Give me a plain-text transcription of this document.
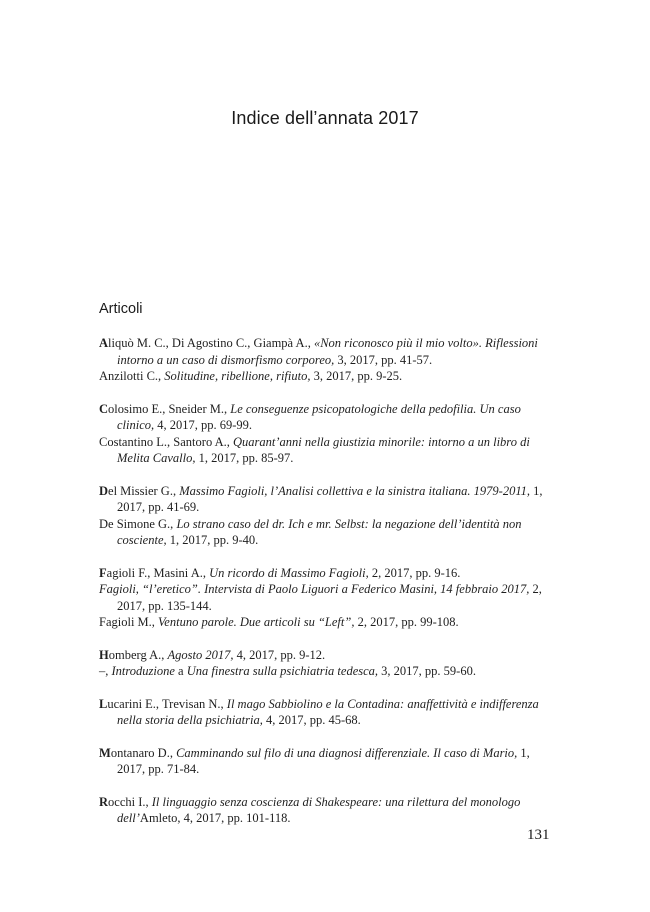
Indice dell’annata 2017
Articoli
Aliquò M. C., Di Agostino C., Giampà A., «Non riconosco più il mio volto». Riflessioni intorno a un caso di dismorfismo corporeo, 3, 2017, pp. 41-57.
Anzilotti C., Solitudine, ribellione, rifiuto, 3, 2017, pp. 9-25.
Colosimo E., Sneider M., Le conseguenze psicopatologiche della pedofilia. Un caso clinico, 4, 2017, pp. 69-99.
Costantino L., Santoro A., Quarant’anni nella giustizia minorile: intorno a un libro di Melita Cavallo, 1, 2017, pp. 85-97.
Del Missier G., Massimo Fagioli, l’Analisi collettiva e la sinistra italiana. 1979-2011, 1, 2017, pp. 41-69.
De Simone G., Lo strano caso del dr. Ich e mr. Selbst: la negazione dell’identità non cosciente, 1, 2017, pp. 9-40.
Fagioli F., Masini A., Un ricordo di Massimo Fagioli, 2, 2017, pp. 9-16.
Fagioli, “l’eretico”. Intervista di Paolo Liguori a Federico Masini, 14 febbraio 2017, 2, 2017, pp. 135-144.
Fagioli M., Ventuno parole. Due articoli su “Left”, 2, 2017, pp. 99-108.
Homberg A., Agosto 2017, 4, 2017, pp. 9-12.
–, Introduzione a Una finestra sulla psichiatria tedesca, 3, 2017, pp. 59-60.
Lucarini E., Trevisan N., Il mago Sabbiolino e la Contadina: anaffettività e indifferenza nella storia della psichiatria, 4, 2017, pp. 45-68.
Montanaro D., Camminando sul filo di una diagnosi differenziale. Il caso di Mario, 1, 2017, pp. 71-84.
Rocchi I., Il linguaggio senza coscienza di Shakespeare: una rilettura del monologo dell’Amleto, 4, 2017, pp. 101-118.
131
